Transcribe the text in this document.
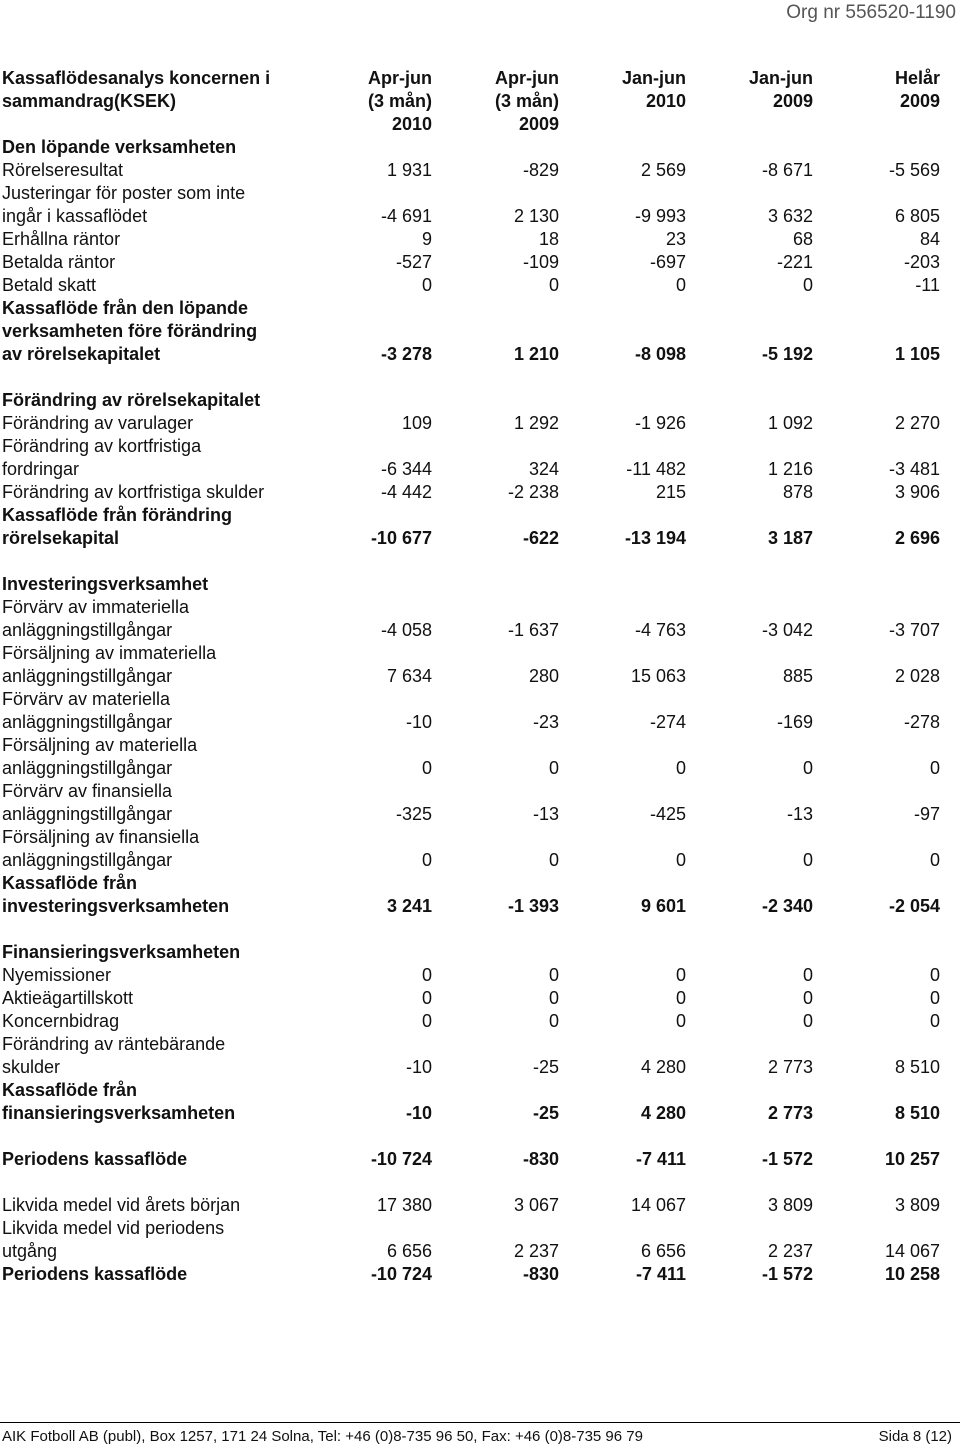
Org nr 556520-1190
Kassaflödesanalys koncernen i	Apr-jun	Apr-jun	Jan-jun	Jan-jun	Helår
sammandrag(KSEK)	(3 mån)	(3 mån)	2010	2009	2009
	2010	2009			
Den löpande verksamheten					
Rörelseresultat	1 931	-829	2 569	-8 671	-5 569
Justeringar för poster som inte					
ingår i kassaflödet	-4 691	2 130	-9 993	3 632	6 805
Erhållna räntor	9	18	23	68	84
Betalda räntor	-527	-109	-697	-221	-203
Betald skatt	0	0	0	0	-11
Kassaflöde från den löpande					
verksamheten före förändring					
av rörelsekapitalet	-3 278	1 210	-8 098	-5 192	1 105

Förändring av rörelsekapitalet					
Förändring av varulager	109	1 292	-1 926	1 092	2 270
Förändring av kortfristiga					
fordringar	-6 344	324	-11 482	1 216	-3 481
Förändring av kortfristiga skulder	-4 442	-2 238	215	878	3 906
Kassaflöde från förändring					
rörelsekapital	-10 677	-622	-13 194	3 187	2 696

Investeringsverksamhet					
Förvärv av immateriella					
anläggningstillgångar	-4 058	-1 637	-4 763	-3 042	-3 707
Försäljning av immateriella					
anläggningstillgångar	7 634	280	15 063	885	2 028
Förvärv av materiella					
anläggningstillgångar	-10	-23	-274	-169	-278
Försäljning av materiella					
anläggningstillgångar	0	0	0	0	0
Förvärv av finansiella					
anläggningstillgångar	-325	-13	-425	-13	-97
Försäljning av finansiella					
anläggningstillgångar	0	0	0	0	0
Kassaflöde från					
investeringsverksamheten	3 241	-1 393	9 601	-2 340	-2 054

Finansieringsverksamheten					
Nyemissioner	0	0	0	0	0
Aktieägartillskott	0	0	0	0	0
Koncernbidrag	0	0	0	0	0
Förändring av räntebärande					
skulder	-10	-25	4 280	2 773	8 510
Kassaflöde från					
finansieringsverksamheten	-10	-25	4 280	2 773	8 510

Periodens kassaflöde	-10 724	-830	-7 411	-1 572	10 257

Likvida medel vid årets början	17 380	3 067	14 067	3 809	3 809
Likvida medel vid periodens					
utgång	6 656	2 237	6 656	2 237	14 067
Periodens kassaflöde	-10 724	-830	-7 411	-1 572	10 258
AIK Fotboll AB (publ), Box 1257, 171 24 Solna, Tel: +46 (0)8-735 96 50, Fax: +46 (0)8-735 96 79	Sida 8 (12)
